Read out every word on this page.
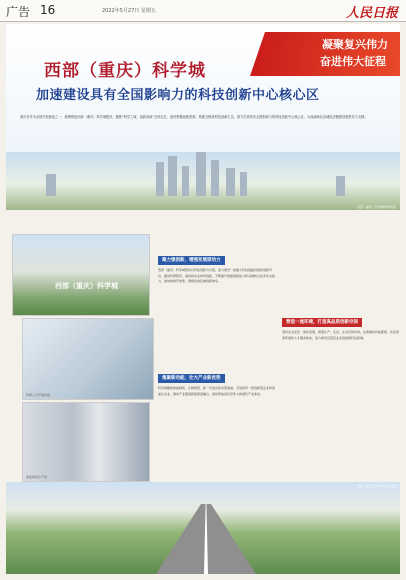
广告 16	2022年5月27日 星期五	人民日报
凝聚复兴伟力
奋进伟大征程
西部（重庆）科学城
加速建设具有全国影响力的科技创新中心核心区
重庆市作为全国开放枢纽之一，统筹推进西部（重庆）科学城建设，聚焦“科学之城、创新高地”总体定位，加快集聚创新资源，构建全链条科技创新生态，着力打造具有全国影响力的科技创新中心核心区，为成渝地区双城经济圈建设提供有力支撑。
西部（重庆）科学城城市风貌
西部（重庆）科学城
科研人员开展实验
智能制造生产线
聚力强创新，增强发展原动力
西部（重庆）科学城坚持以科技创新为引领，着力建设一批重大科技基础设施和创新平台，推动科研院所、高校和企业协同创新，不断提升原始创新能力和关键核心技术攻关能力，加快构建开放型、网络化的区域创新体系。
集聚新动能，壮大产业新优势
科学城聚焦智能制造、生物医药、新一代信息技术等领域，引进培育一批创新型企业和高成长企业，推动产业链创新链深度融合，加快形成具有竞争力的现代产业体系。
营造一流环境，打造高品质创新空间
坚持生态优先、绿色发展，统筹生产、生活、生态空间布局，完善城市功能配套，优化营商环境和人才服务体系，着力建设宜居宜业宜创的现代化新城。
西部（重庆）科学城生态景观
